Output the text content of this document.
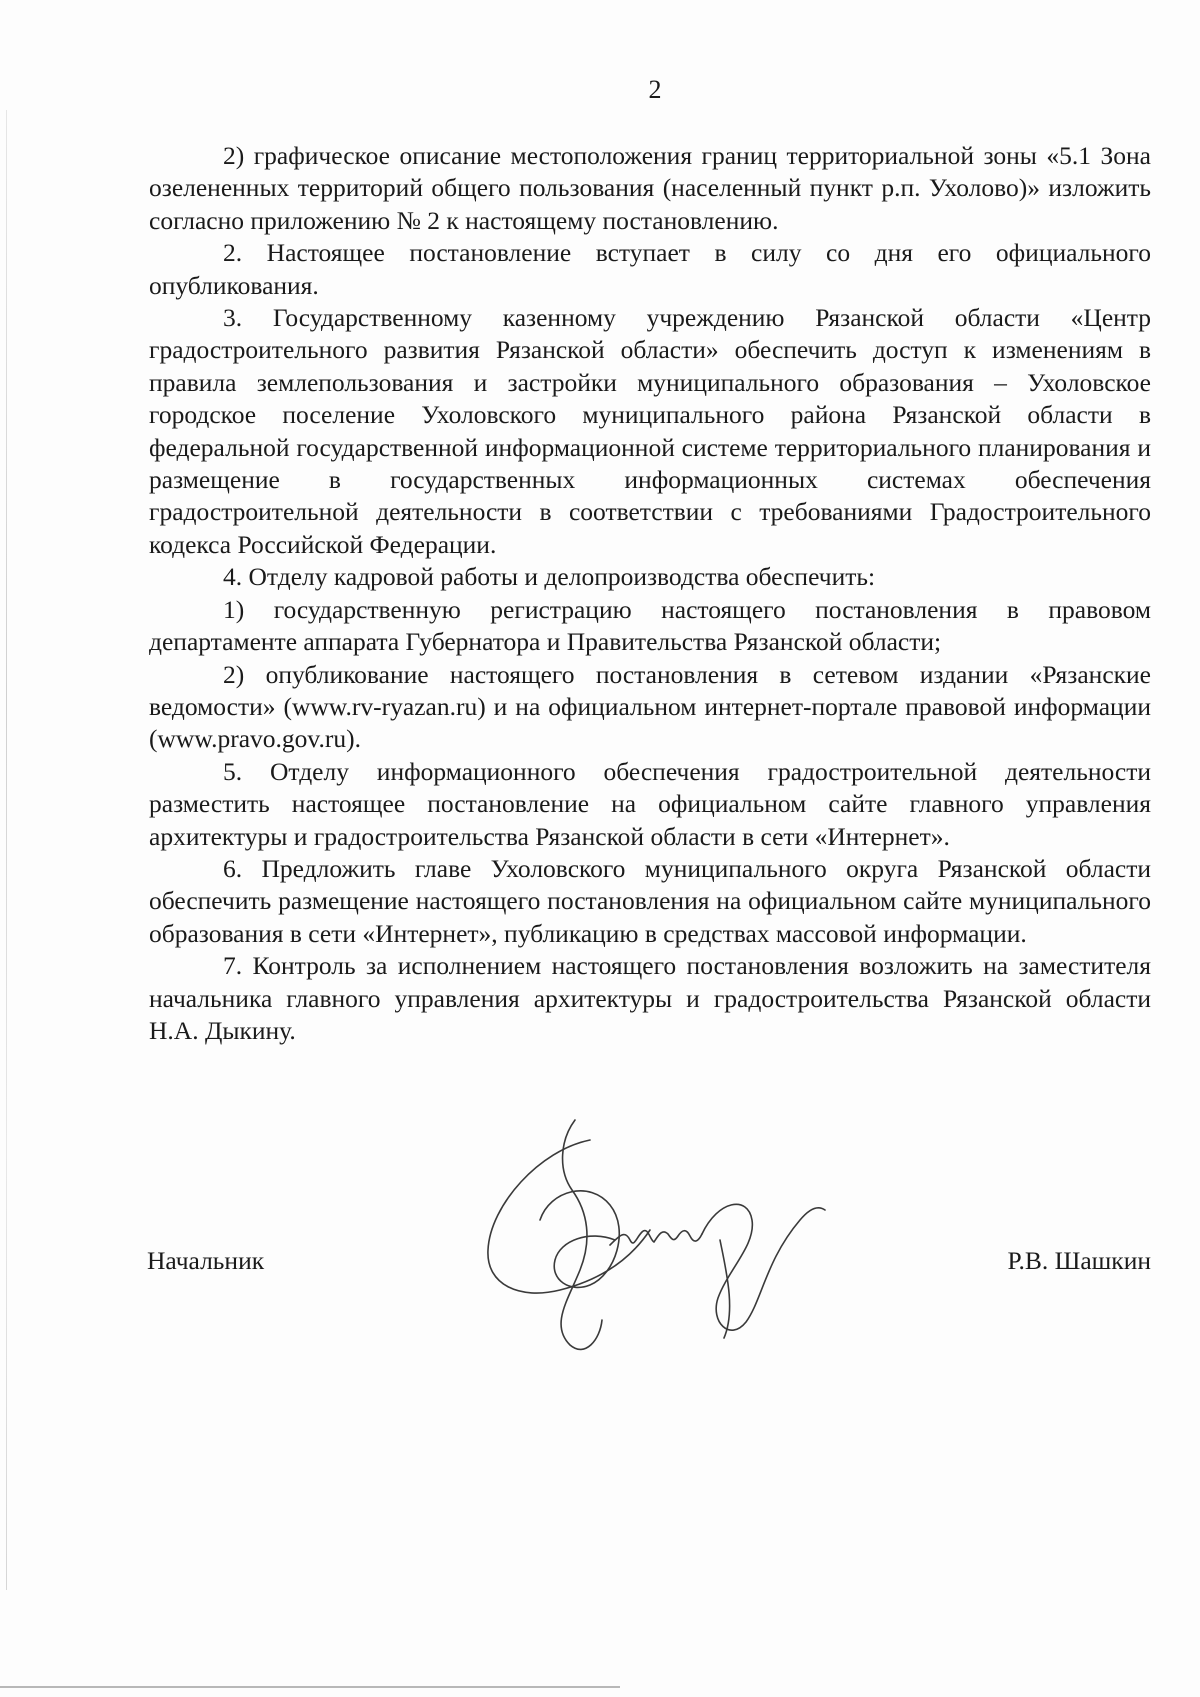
2

2) графическое описание местоположения границ территориальной зоны «5.1 Зона озелененных территорий общего пользования (населенный пункт р.п. Ухолово)» изложить согласно приложению № 2 к настоящему постановлению.

2. Настоящее постановление вступает в силу со дня его официального опубликования.

3. Государственному казенному учреждению Рязанской области «Центр градостроительного развития Рязанской области» обеспечить доступ к изменениям в правила землепользования и застройки муниципального образования – Ухоловское городское поселение Ухоловского муниципального района Рязанской области в федеральной государственной информационной системе территориального планирования и размещение в государственных информационных системах обеспечения градостроительной деятельности в соответствии с требованиями Градостроительного кодекса Российской Федерации.

4. Отделу кадровой работы и делопроизводства обеспечить:

1) государственную регистрацию настоящего постановления в правовом департаменте аппарата Губернатора и Правительства Рязанской области;

2) опубликование настоящего постановления в сетевом издании «Рязанские ведомости» (www.rv-ryazan.ru) и на официальном интернет-портале правовой информации (www.pravo.gov.ru).

5. Отделу информационного обеспечения градостроительной деятельности разместить настоящее постановление на официальном сайте главного управления архитектуры и градостроительства Рязанской области в сети «Интернет».

6. Предложить главе Ухоловского муниципального округа Рязанской области обеспечить размещение настоящего постановления на официальном сайте муниципального образования в сети «Интернет», публикацию в средствах массовой информации.

7. Контроль за исполнением настоящего постановления возложить на заместителя начальника главного управления архитектуры и градостроительства Рязанской области Н.А. Дыкину.

Начальник	Р.В. Шашкин
